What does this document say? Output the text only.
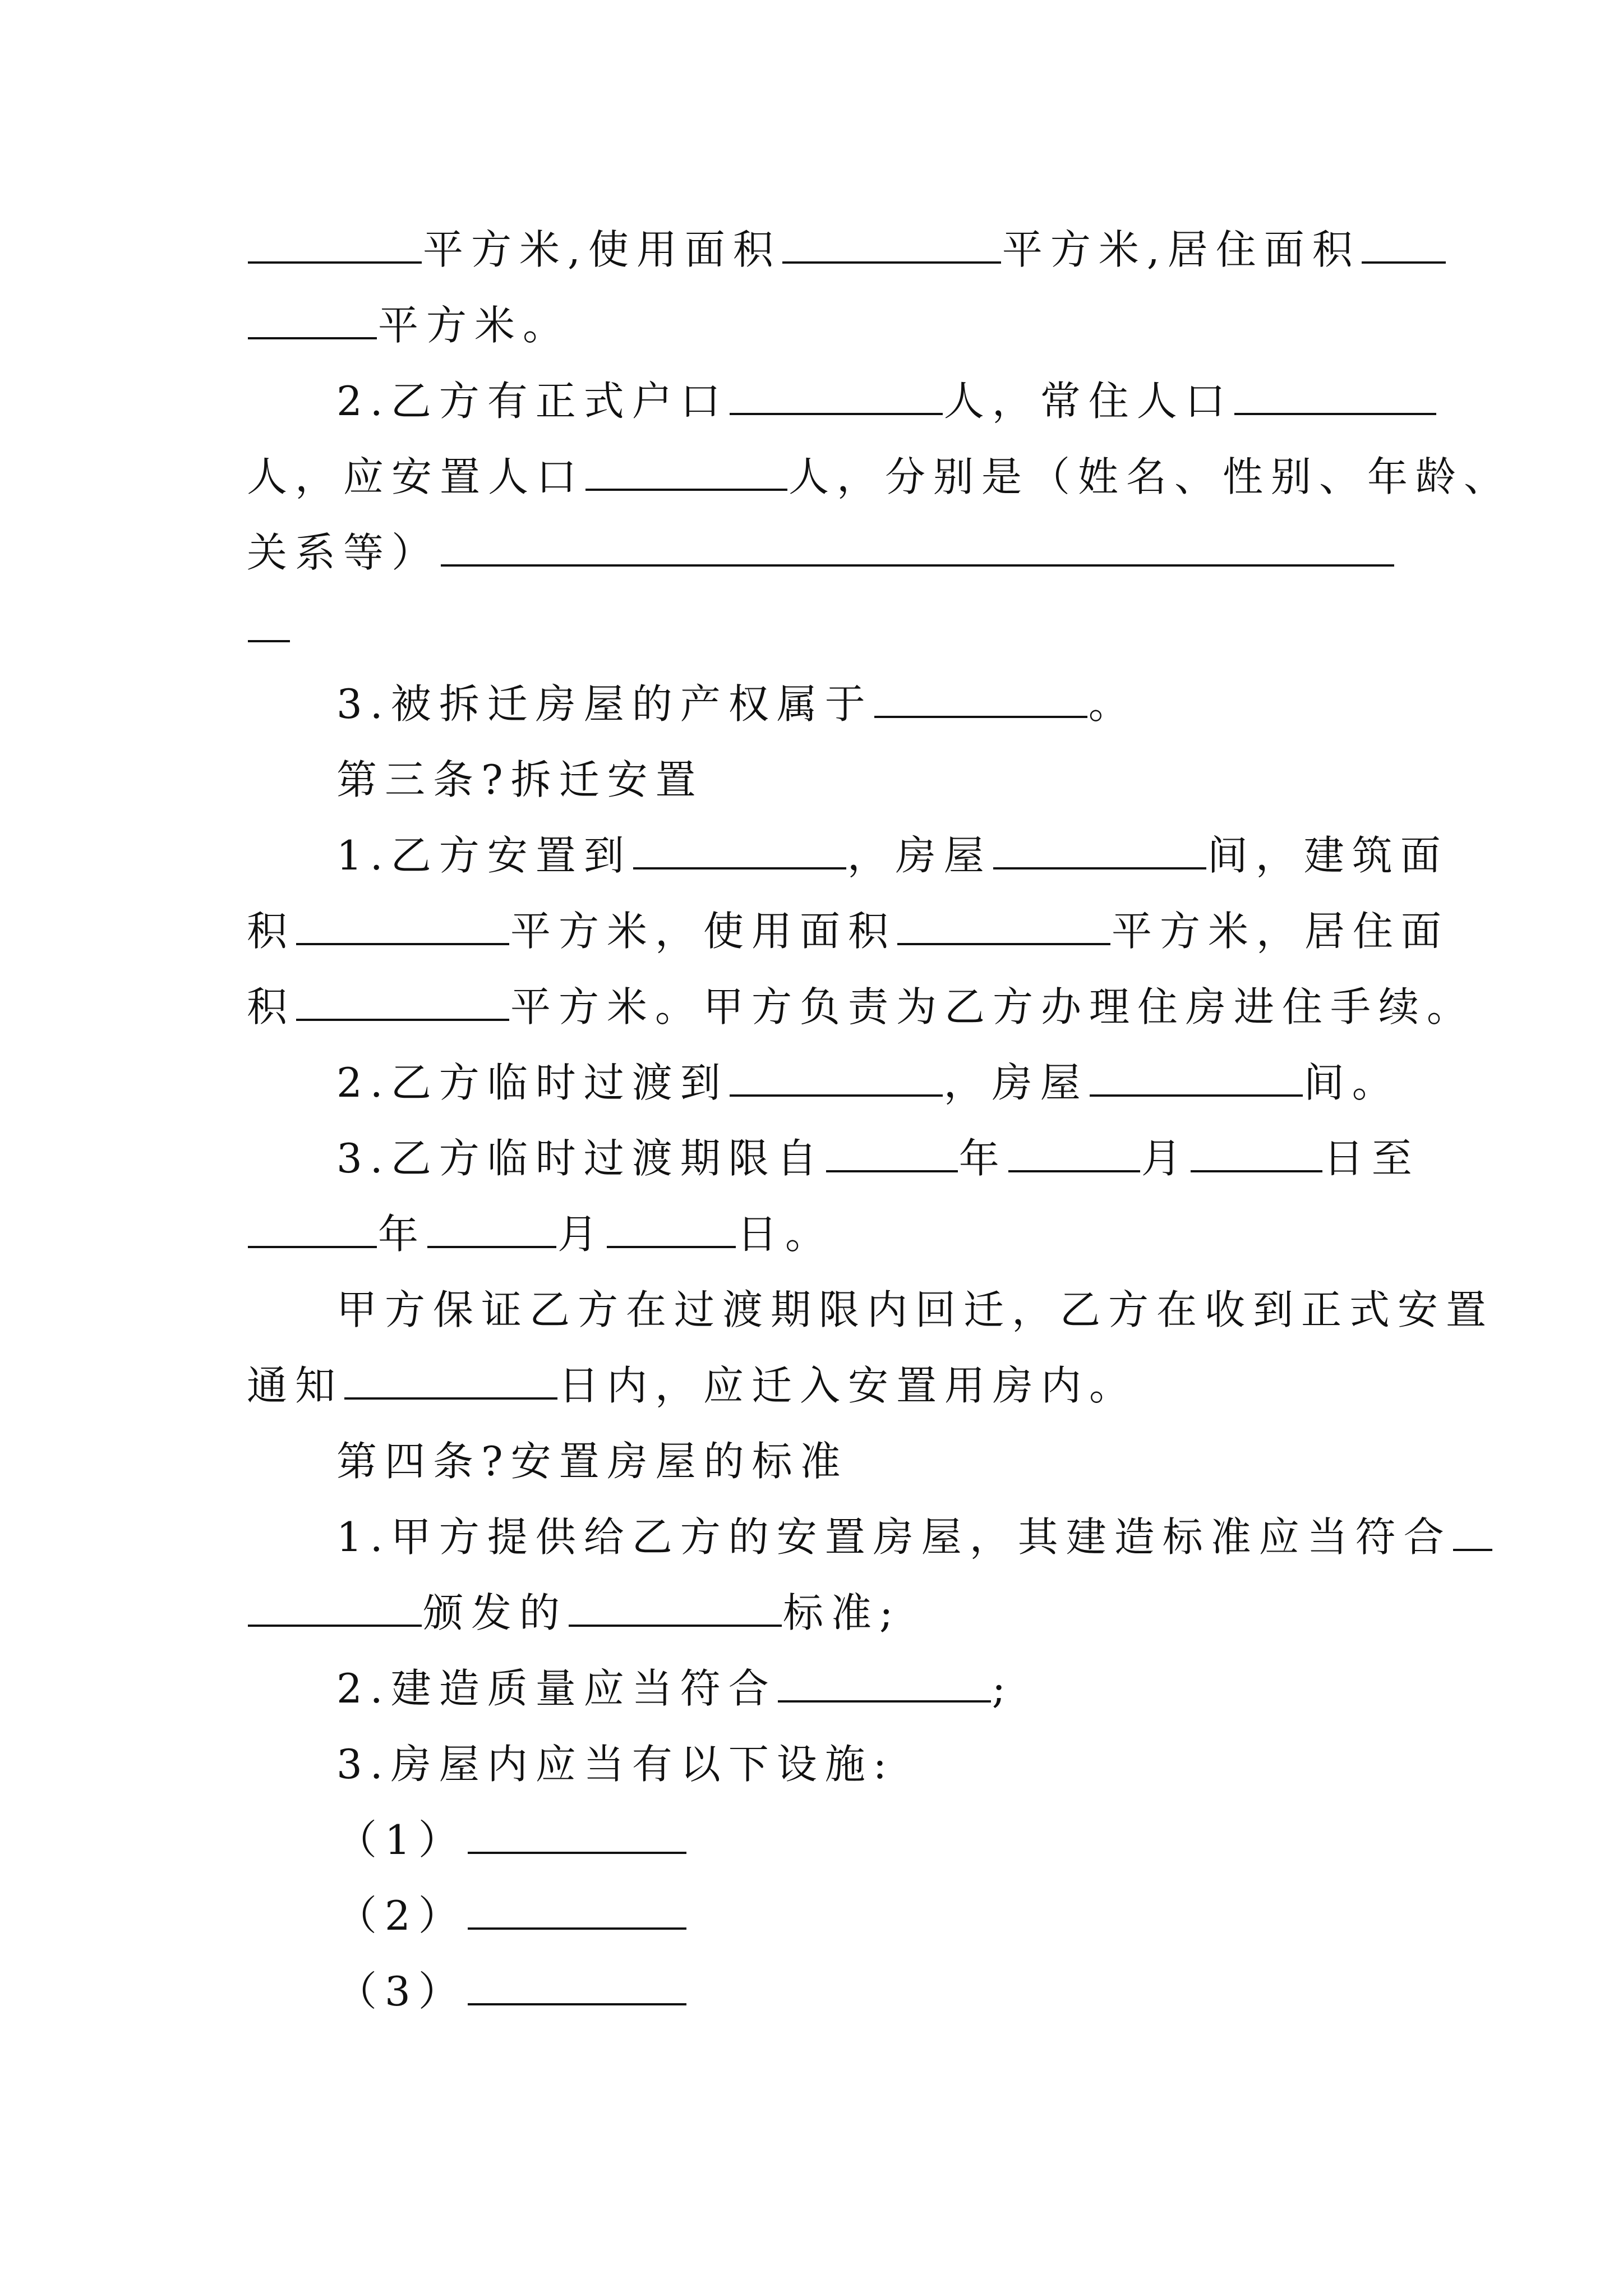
平方米,使用面积	平方米,居住面积
平方米。
2.乙方有正式户口	人，常住人口
人，应安置人口	人，分别是（姓名、性别、年龄、
关系等）
3.被拆迁房屋的产权属于	。
第三条?拆迁安置
1.乙方安置到	，房屋	间，建筑面
积	平方米，使用面积	平方米，居住面
积	平方米。甲方负责为乙方办理住房进住手续。
2.乙方临时过渡到	，房屋	间。
3.乙方临时过渡期限自	年	月	日至
年	月	日。
甲方保证乙方在过渡期限内回迁，乙方在收到正式安置
通知	日内，应迁入安置用房内。
第四条?安置房屋的标准
1.甲方提供给乙方的安置房屋，其建造标准应当符合
颁发的	标准;
2.建造质量应当符合	;
3.房屋内应当有以下设施:
（1）
（2）
（3）
